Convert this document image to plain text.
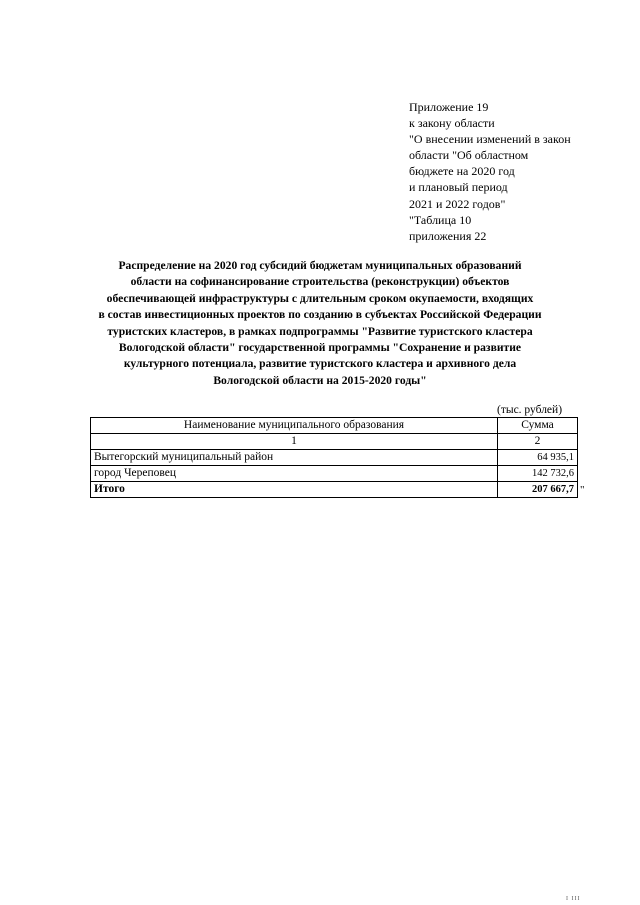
Приложение 19
к закону области
"О внесении изменений в закон
области "Об областном
бюджете на 2020 год
и плановый период
2021 и 2022 годов"
"Таблица 10
приложения 22
Распределение на 2020 год субсидий бюджетам муниципальных образований
области на софинансирование строительства (реконструкции) объектов
обеспечивающей инфраструктуры с длительным сроком окупаемости, входящих
в состав инвестиционных проектов по созданию в субъектах Российской Федерации
туристских кластеров, в рамках подпрограммы "Развитие туристского кластера
Вологодской области" государственной программы "Сохранение и развитие
культурного потенциала, развитие туристского кластера и архивного дела
Вологодской области на 2015-2020 годы"
(тыс. рублей)
Наименование муниципального образования	Сумма
1	2
Вытегорский муниципальный район	64 935,1
город Череповец	142 732,6
Итого	207 667,7 "
I III
